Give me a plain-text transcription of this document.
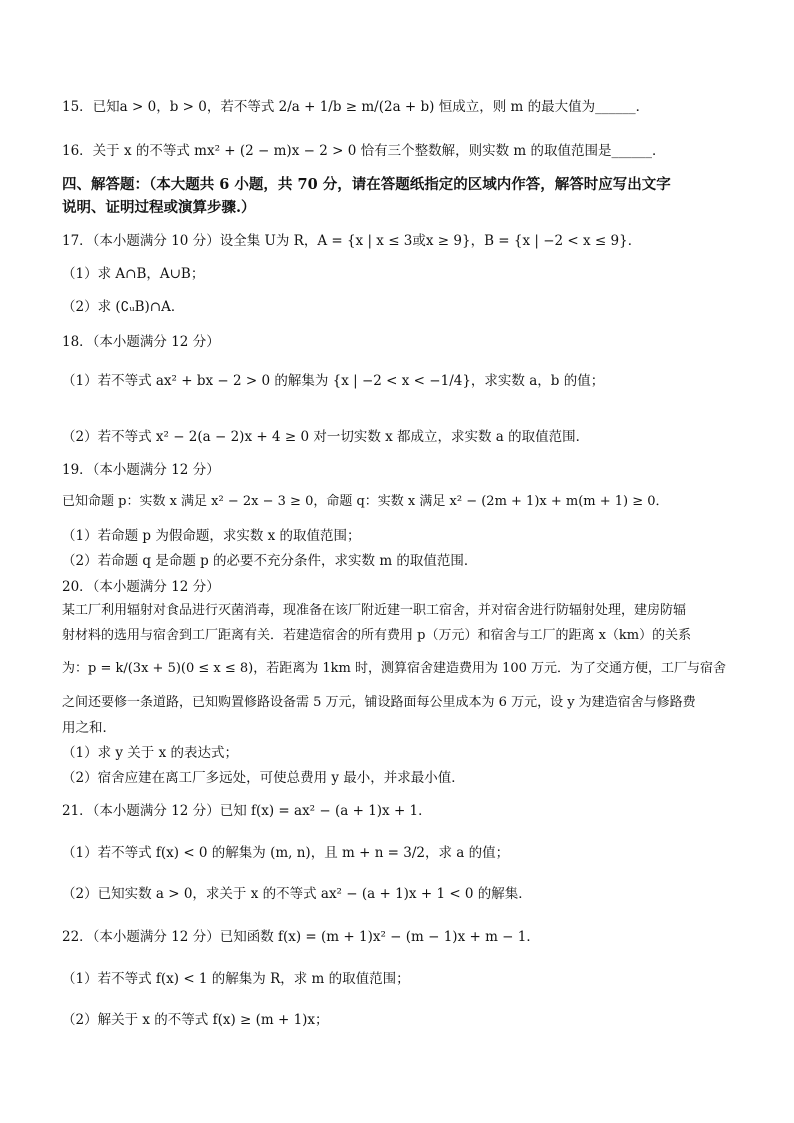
15．已知a > 0，b > 0，若不等式 2/a + 1/b ≥ m/(2a + b) 恒成立，则 m 的最大值为______．
16．关于 x 的不等式 mx² + (2 − m)x − 2 > 0 恰有三个整数解，则实数 m 的取值范围是______．
四、解答题：（本大题共 6 小题，共 70 分，请在答题纸指定的区域内作答，解答时应写出文字
说明、证明过程或演算步骤.）
17．（本小题满分 10 分）设全集 U为 R，A = {x | x ≤ 3或x ≥ 9}，B = {x | −2 < x ≤ 9}．
（1）求 A∩B，A∪B；
（2）求 (∁ᵤB)∩A．
18．（本小题满分 12 分）
（1）若不等式 ax² + bx − 2 > 0 的解集为 {x | −2 < x < −1/4}，求实数 a，b 的值；
（2）若不等式 x² − 2(a − 2)x + 4 ≥ 0 对一切实数 x 都成立，求实数 a 的取值范围．
19．（本小题满分 12 分）
已知命题 p：实数 x 满足 x² − 2x − 3 ≥ 0，命题 q：实数 x 满足 x² − (2m + 1)x + m(m + 1) ≥ 0．
（1）若命题 p 为假命题，求实数 x 的取值范围；
（2）若命题 q 是命题 p 的必要不充分条件，求实数 m 的取值范围．
20．（本小题满分 12 分）
某工厂利用辐射对食品进行灭菌消毒，现准备在该厂附近建一职工宿舍，并对宿舍进行防辐射处理，建房防辐
射材料的选用与宿舍到工厂距离有关．若建造宿舍的所有费用 p（万元）和宿舍与工厂的距离 x（km）的关系
为：p = k/(3x + 5)(0 ≤ x ≤ 8)，若距离为 1km 时，测算宿舍建造费用为 100 万元．为了交通方便，工厂与宿舍
之间还要修一条道路，已知购置修路设备需 5 万元，铺设路面每公里成本为 6 万元，设 y 为建造宿舍与修路费
用之和．
（1）求 y 关于 x 的表达式；
（2）宿舍应建在离工厂多远处，可使总费用 y 最小，并求最小值．
21．（本小题满分 12 分）已知 f(x) = ax² − (a + 1)x + 1．
（1）若不等式 f(x) < 0 的解集为 (m, n)，且 m + n = 3/2，求 a 的值；
（2）已知实数 a > 0，求关于 x 的不等式 ax² − (a + 1)x + 1 < 0 的解集．
22．（本小题满分 12 分）已知函数 f(x) = (m + 1)x² − (m − 1)x + m − 1．
（1）若不等式 f(x) < 1 的解集为 R，求 m 的取值范围；
（2）解关于 x 的不等式 f(x) ≥ (m + 1)x；
